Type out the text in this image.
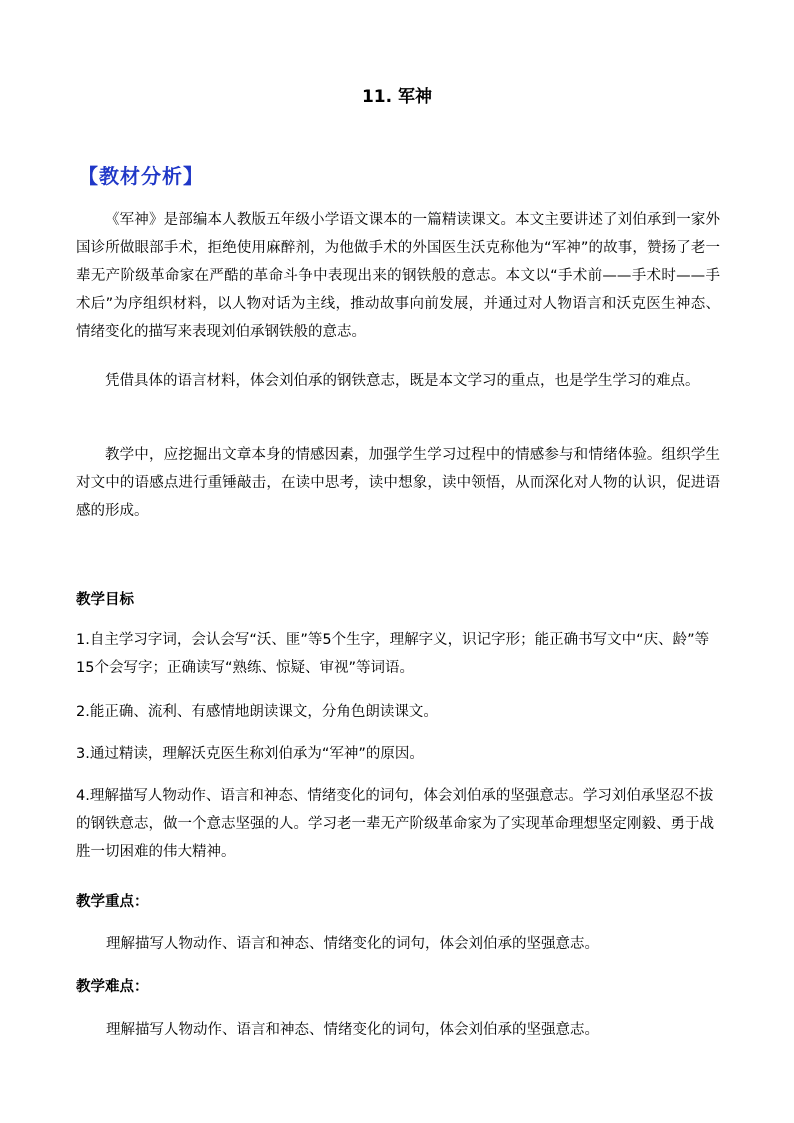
11. 军神
【教材分析】
《军神》是部编本人教版五年级小学语文课本的一篇精读课文。本文主要讲述了刘伯承到一家外国诊所做眼部手术，拒绝使用麻醉剂，为他做手术的外国医生沃克称他为“军神”的故事，赞扬了老一辈无产阶级革命家在严酷的革命斗争中表现出来的钢铁般的意志。本文以“手术前——手术时——手术后”为序组织材料，以人物对话为主线，推动故事向前发展，并通过对人物语言和沃克医生神态、情绪变化的描写来表现刘伯承钢铁般的意志。
凭借具体的语言材料，体会刘伯承的钢铁意志，既是本文学习的重点，也是学生学习的难点。
教学中，应挖掘出文章本身的情感因素，加强学生学习过程中的情感参与和情绪体验。组织学生对文中的语感点进行重锤敲击，在读中思考，读中想象，读中领悟，从而深化对人物的认识，促进语感的形成。
教学目标
1.自主学习字词，会认会写“沃、匪”等5个生字，理解字义，识记字形；能正确书写文中“庆、龄”等15个会写字；正确读写“熟练、惊疑、审视”等词语。
2.能正确、流利、有感情地朗读课文，分角色朗读课文。
3.通过精读，理解沃克医生称刘伯承为“军神”的原因。
4.理解描写人物动作、语言和神态、情绪变化的词句，体会刘伯承的坚强意志。学习刘伯承坚忍不拔的钢铁意志，做一个意志坚强的人。学习老一辈无产阶级革命家为了实现革命理想坚定刚毅、勇于战胜一切困难的伟大精神。
教学重点：
理解描写人物动作、语言和神态、情绪变化的词句，体会刘伯承的坚强意志。
教学难点：
理解描写人物动作、语言和神态、情绪变化的词句，体会刘伯承的坚强意志。
